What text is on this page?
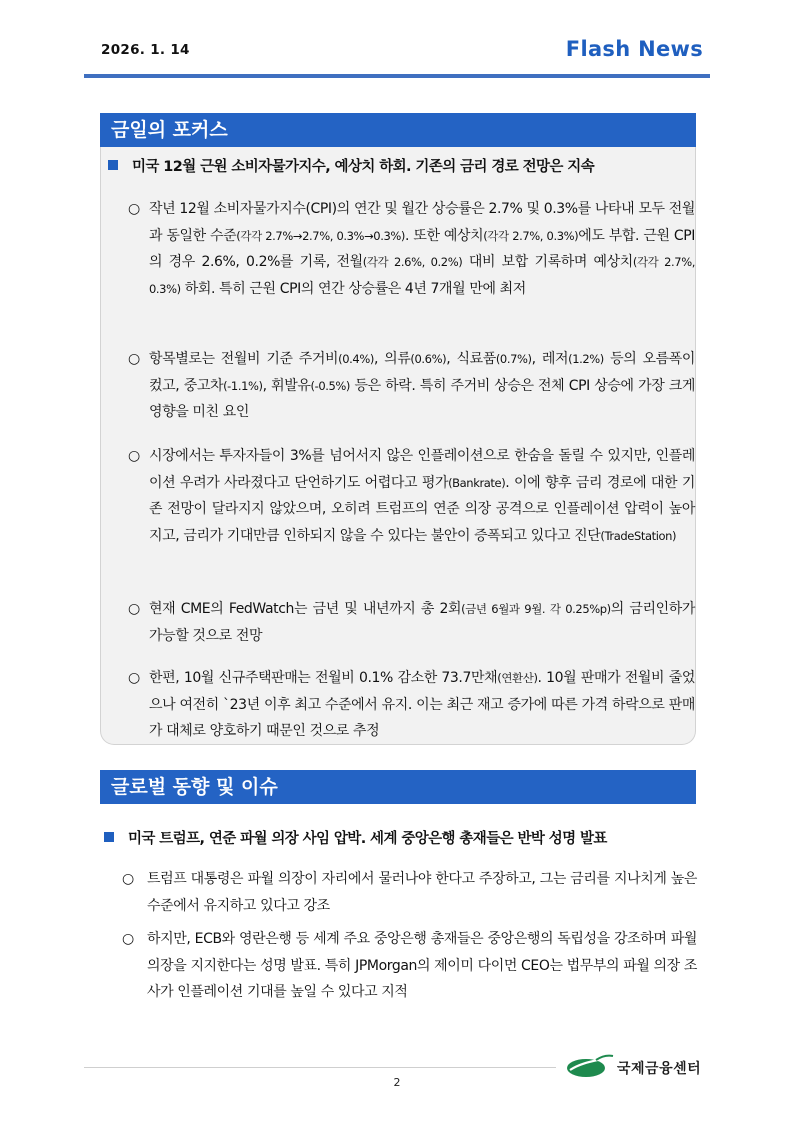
2026. 1. 14	Flash News
금일의 포커스
미국 12월 근원 소비자물가지수, 예상치 하회. 기존의 금리 경로 전망은 지속
○ 작년 12월 소비자물가지수(CPI)의 연간 및 월간 상승률은 2.7% 및 0.3%를 나타내 모두 전월과 동일한 수준(각각 2.7%→2.7%, 0.3%→0.3%). 또한 예상치(각각 2.7%, 0.3%)에도 부합. 근원 CPI의 경우 2.6%, 0.2%를 기록, 전월(각각 2.6%, 0.2%) 대비 보합 기록하며 예상치(각각 2.7%, 0.3%) 하회. 특히 근원 CPI의 연간 상승률은 4년 7개월 만에 최저
○ 항목별로는 전월비 기준 주거비(0.4%), 의류(0.6%), 식료품(0.7%), 레저(1.2%) 등의 오름폭이 컸고, 중고차(-1.1%), 휘발유(-0.5%) 등은 하락. 특히 주거비 상승은 전체 CPI 상승에 가장 크게 영향을 미친 요인
○ 시장에서는 투자자들이 3%를 넘어서지 않은 인플레이션으로 한숨을 돌릴 수 있지만, 인플레이션 우려가 사라졌다고 단언하기도 어렵다고 평가(Bankrate). 이에 향후 금리 경로에 대한 기존 전망이 달라지지 않았으며, 오히려 트럼프의 연준 의장 공격으로 인플레이션 압력이 높아지고, 금리가 기대만큼 인하되지 않을 수 있다는 불안이 증폭되고 있다고 진단(TradeStation)
○ 현재 CME의 FedWatch는 금년 및 내년까지 총 2회(금년 6월과 9월. 각 0.25%p)의 금리인하가 가능할 것으로 전망
○ 한편, 10월 신규주택판매는 전월비 0.1% 감소한 73.7만채(연환산). 10월 판매가 전월비 줄었으나 여전히 `23년 이후 최고 수준에서 유지. 이는 최근 재고 증가에 따른 가격 하락으로 판매가 대체로 양호하기 때문인 것으로 추정
글로벌 동향 및 이슈
미국 트럼프, 연준 파월 의장 사임 압박. 세계 중앙은행 총재들은 반박 성명 발표
○ 트럼프 대통령은 파월 의장이 자리에서 물러나야 한다고 주장하고, 그는 금리를 지나치게 높은 수준에서 유지하고 있다고 강조
○ 하지만, ECB와 영란은행 등 세계 주요 중앙은행 총재들은 중앙은행의 독립성을 강조하며 파월 의장을 지지한다는 성명 발표. 특히 JPMorgan의 제이미 다이먼 CEO는 법무부의 파월 의장 조사가 인플레이션 기대를 높일 수 있다고 지적
국제금융센터
2
